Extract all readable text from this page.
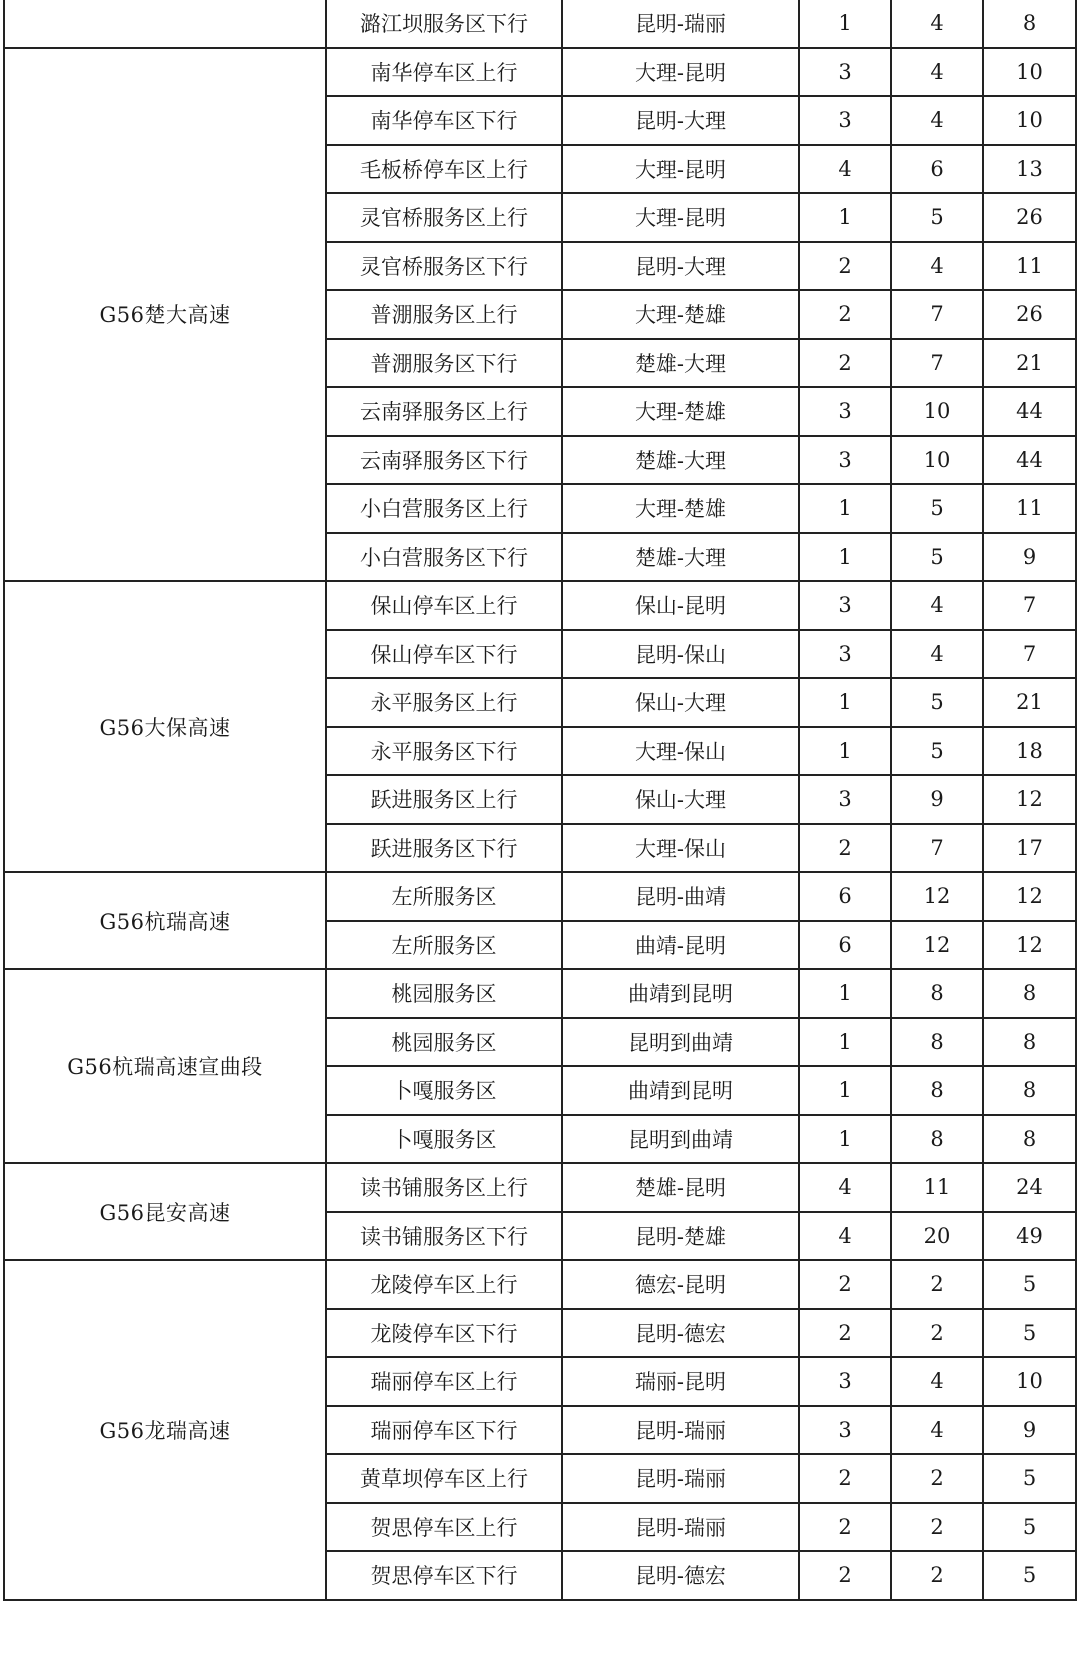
	潞江坝服务区下行	昆明-瑞丽	1	4	8
G56楚大高速	南华停车区上行	大理-昆明	3	4	10
	南华停车区下行	昆明-大理	3	4	10
	毛板桥停车区上行	大理-昆明	4	6	13
	灵官桥服务区上行	大理-昆明	1	5	26
	灵官桥服务区下行	昆明-大理	2	4	11
	普淜服务区上行	大理-楚雄	2	7	26
	普淜服务区下行	楚雄-大理	2	7	21
	云南驿服务区上行	大理-楚雄	3	10	44
	云南驿服务区下行	楚雄-大理	3	10	44
	小白营服务区上行	大理-楚雄	1	5	11
	小白营服务区下行	楚雄-大理	1	5	9
G56大保高速	保山停车区上行	保山-昆明	3	4	7
	保山停车区下行	昆明-保山	3	4	7
	永平服务区上行	保山-大理	1	5	21
	永平服务区下行	大理-保山	1	5	18
	跃进服务区上行	保山-大理	3	9	12
	跃进服务区下行	大理-保山	2	7	17
G56杭瑞高速	左所服务区	昆明-曲靖	6	12	12
	左所服务区	曲靖-昆明	6	12	12
G56杭瑞高速宣曲段	桃园服务区	曲靖到昆明	1	8	8
	桃园服务区	昆明到曲靖	1	8	8
	卜嘎服务区	曲靖到昆明	1	8	8
	卜嘎服务区	昆明到曲靖	1	8	8
G56昆安高速	读书铺服务区上行	楚雄-昆明	4	11	24
	读书铺服务区下行	昆明-楚雄	4	20	49
G56龙瑞高速	龙陵停车区上行	德宏-昆明	2	2	5
	龙陵停车区下行	昆明-德宏	2	2	5
	瑞丽停车区上行	瑞丽-昆明	3	4	10
	瑞丽停车区下行	昆明-瑞丽	3	4	9
	黄草坝停车区上行	昆明-瑞丽	2	2	5
	贺思停车区上行	昆明-瑞丽	2	2	5
	贺思停车区下行	昆明-德宏	2	2	5
